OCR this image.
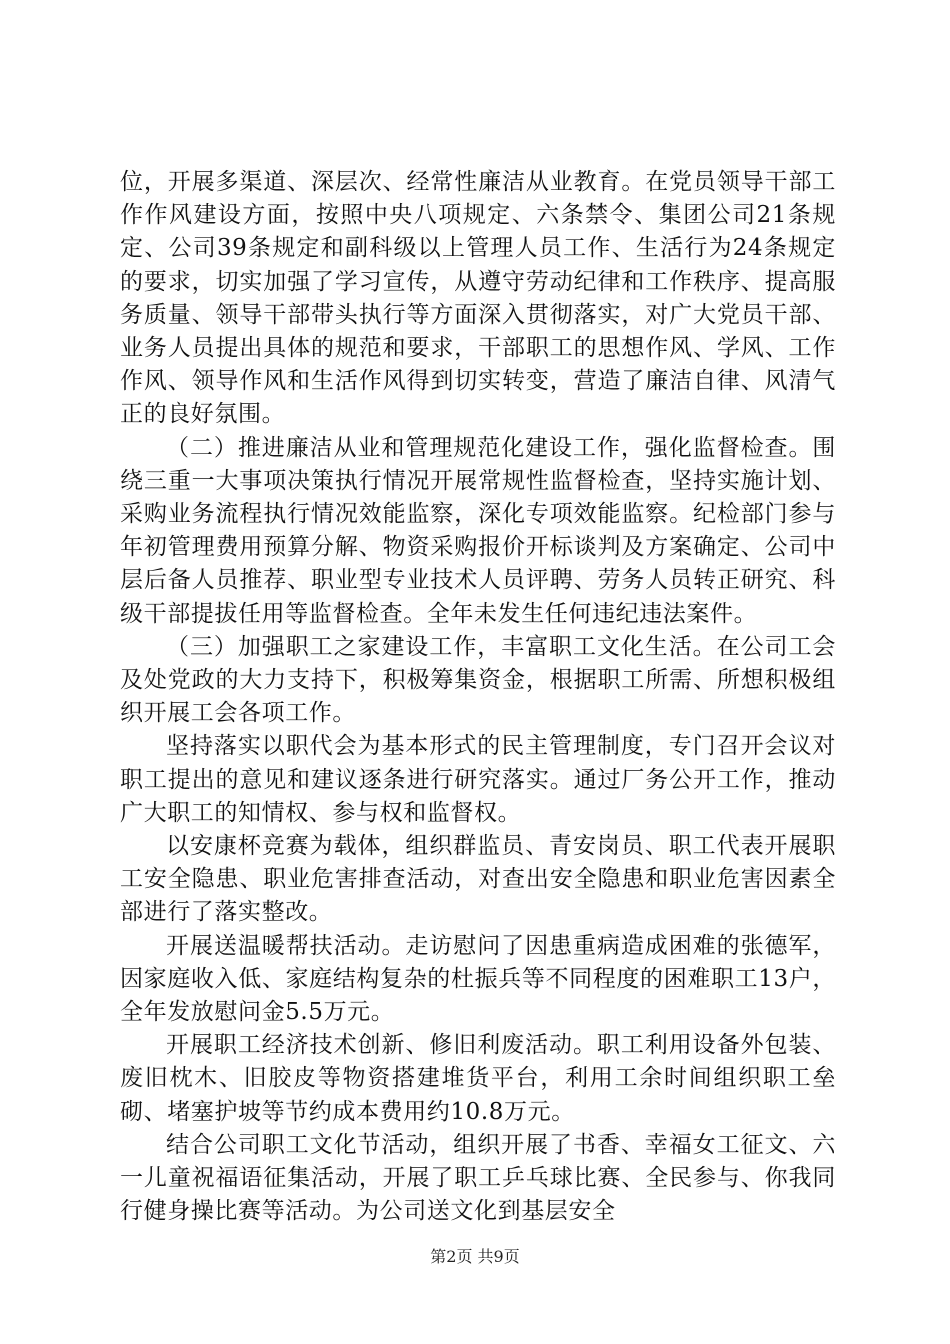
位，开展多渠道、深层次、经常性廉洁从业教育。在党员领导干部工作作风建设方面，按照中央八项规定、六条禁令、集团公司21条规定、公司39条规定和副科级以上管理人员工作、生活行为24条规定的要求，切实加强了学习宣传，从遵守劳动纪律和工作秩序、提高服务质量、领导干部带头执行等方面深入贯彻落实，对广大党员干部、业务人员提出具体的规范和要求，干部职工的思想作风、学风、工作作风、领导作风和生活作风得到切实转变，营造了廉洁自律、风清气正的良好氛围。

（二）推进廉洁从业和管理规范化建设工作，强化监督检查。围绕三重一大事项决策执行情况开展常规性监督检查，坚持实施计划、采购业务流程执行情况效能监察，深化专项效能监察。纪检部门参与年初管理费用预算分解、物资采购报价开标谈判及方案确定、公司中层后备人员推荐、职业型专业技术人员评聘、劳务人员转正研究、科级干部提拔任用等监督检查。全年未发生任何违纪违法案件。

（三）加强职工之家建设工作，丰富职工文化生活。在公司工会及处党政的大力支持下，积极筹集资金，根据职工所需、所想积极组织开展工会各项工作。

坚持落实以职代会为基本形式的民主管理制度，专门召开会议对职工提出的意见和建议逐条进行研究落实。通过厂务公开工作，推动广大职工的知情权、参与权和监督权。

以安康杯竞赛为载体，组织群监员、青安岗员、职工代表开展职工安全隐患、职业危害排查活动，对查出安全隐患和职业危害因素全部进行了落实整改。

开展送温暖帮扶活动。走访慰问了因患重病造成困难的张德军，因家庭收入低、家庭结构复杂的杜振兵等不同程度的困难职工13户，全年发放慰问金5.5万元。

开展职工经济技术创新、修旧利废活动。职工利用设备外包装、废旧枕木、旧胶皮等物资搭建堆货平台，利用工余时间组织职工垒砌、堵塞护坡等节约成本费用约10.8万元。

结合公司职工文化节活动，组织开展了书香、幸福女工征文、六一儿童祝福语征集活动，开展了职工乒乓球比赛、全民参与、你我同行健身操比赛等活动。为公司送文化到基层安全

第2页 共9页
